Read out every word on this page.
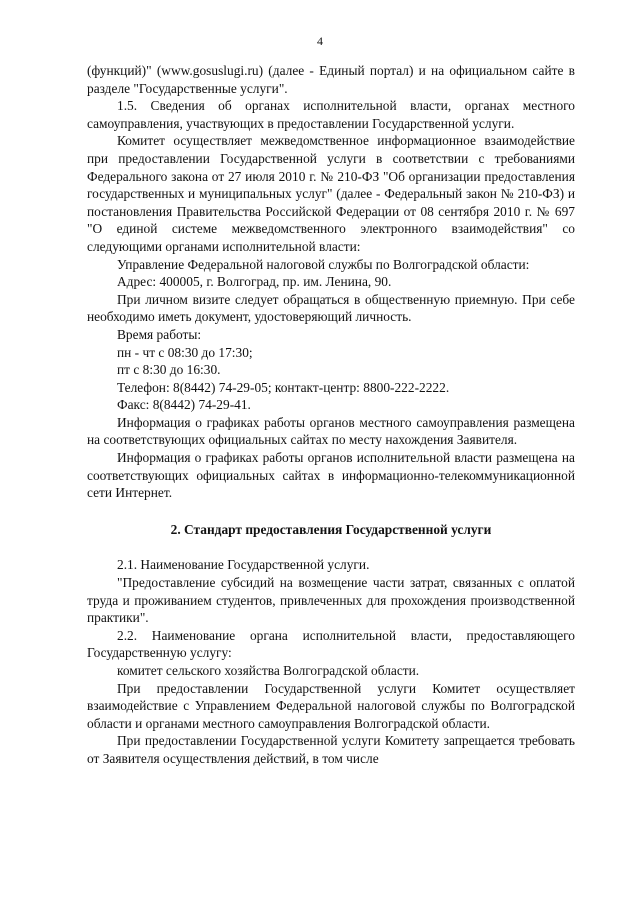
4

(функций)" (www.gosuslugi.ru) (далее - Единый портал) и на официальном сайте в разделе "Государственные услуги".

1.5. Сведения об органах исполнительной власти, органах местного самоуправления, участвующих в предоставлении Государственной услуги.

Комитет осуществляет межведомственное информационное взаимодействие при предоставлении Государственной услуги в соответствии с требованиями Федерального закона от 27 июля 2010 г. № 210-ФЗ "Об организации предоставления государственных и муниципальных услуг" (далее - Федеральный закон № 210-ФЗ) и постановления Правительства Российской Федерации от 08 сентября 2010 г. № 697 "О единой системе межведомственного электронного взаимодействия" со следующими органами исполнительной власти:

Управление Федеральной налоговой службы по Волгоградской области:

Адрес: 400005, г. Волгоград, пр. им. Ленина, 90.

При личном визите следует обращаться в общественную приемную. При себе необходимо иметь документ, удостоверяющий личность.

Время работы:

пн - чт с 08:30 до 17:30;

пт с 8:30 до 16:30.

Телефон: 8(8442) 74-29-05; контакт-центр: 8800-222-2222.

Факс: 8(8442) 74-29-41.

Информация о графиках работы органов местного самоуправления размещена на соответствующих официальных сайтах по месту нахождения Заявителя.

Информация о графиках работы органов исполнительной власти размещена на соответствующих официальных сайтах в информационно-телекоммуникационной сети Интернет.

2. Стандарт предоставления Государственной услуги

2.1. Наименование Государственной услуги.

"Предоставление субсидий на возмещение части затрат, связанных с оплатой труда и проживанием студентов, привлеченных для прохождения производственной практики".

2.2. Наименование органа исполнительной власти, предоставляющего Государственную услугу:

комитет сельского хозяйства Волгоградской области.

При предоставлении Государственной услуги Комитет осуществляет взаимодействие с Управлением Федеральной налоговой службы по Волгоградской области и органами местного самоуправления Волгоградской области.

При предоставлении Государственной услуги Комитету запрещается требовать от Заявителя осуществления действий, в том числе
